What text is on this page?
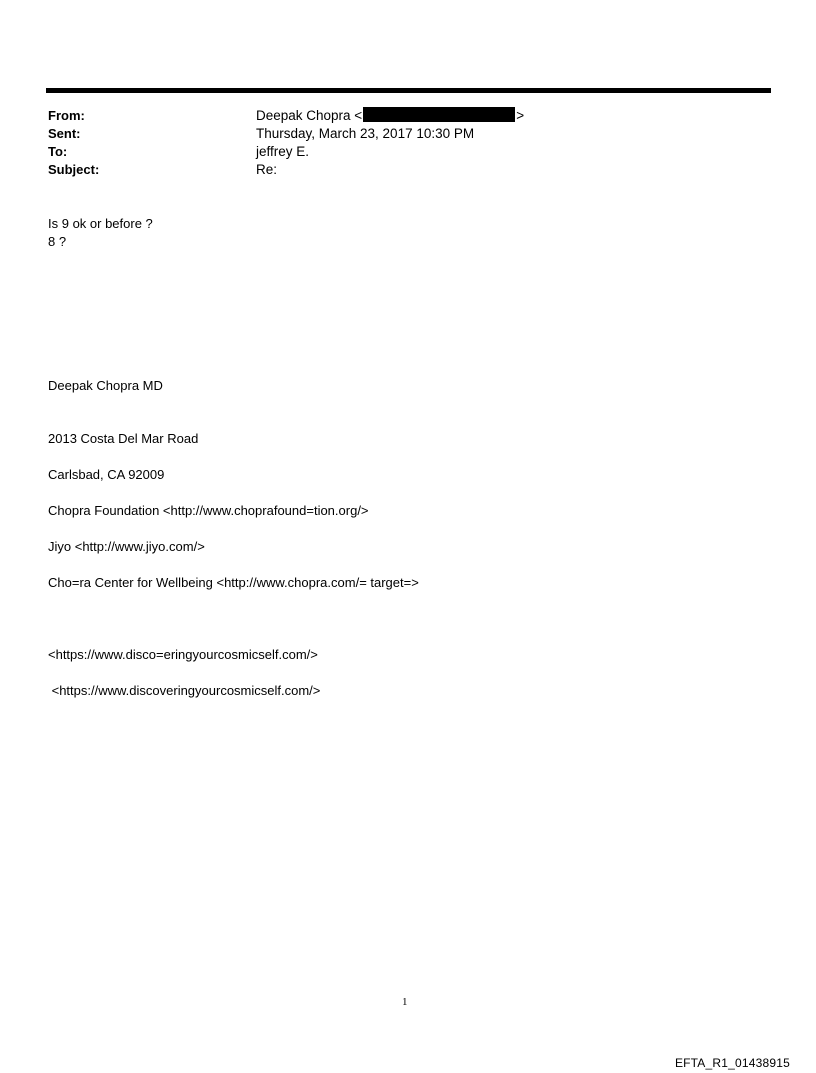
From:	Deepak Chopra <	>
Sent:	Thursday, March 23, 2017 10:30 PM
To:	jeffrey E.
Subject:	Re:
Is 9 ok or before ?
8 ?
Deepak Chopra MD
2013 Costa Del Mar Road
Carlsbad, CA 92009
Chopra Foundation <http://www.choprafound=tion.org/>
Jiyo <http://www.jiyo.com/>
Cho=ra Center for Wellbeing <http://www.chopra.com/= target=>
<https://www.disco=eringyourcosmicself.com/>
<https://www.discoveringyourcosmicself.com/>
1
EFTA_R1_01438915
